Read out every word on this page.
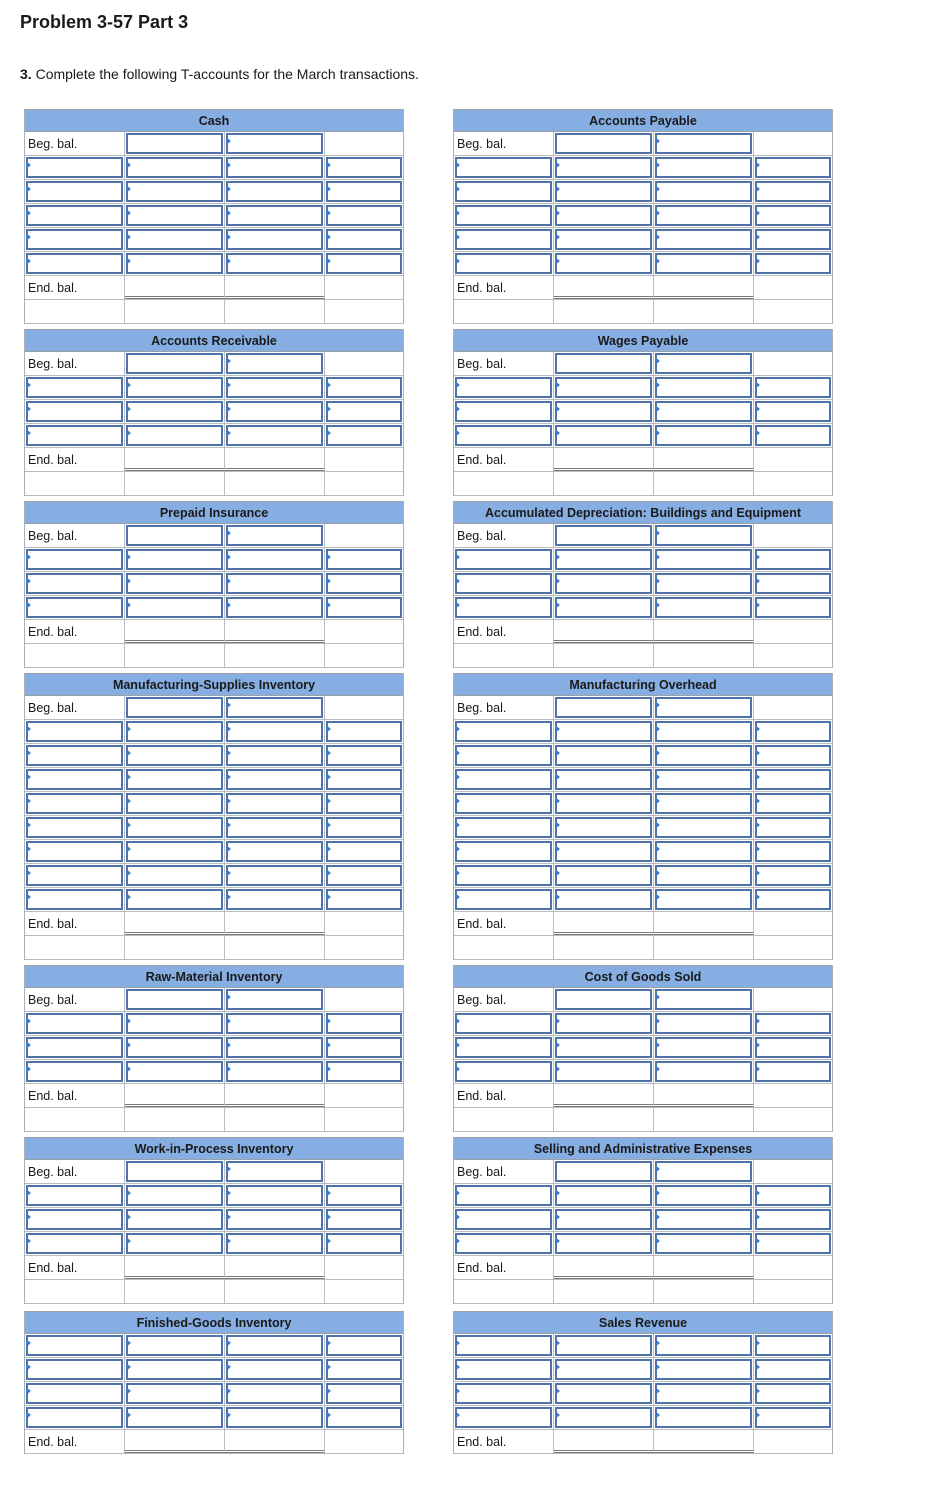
Problem 3-57 Part 3
3. Complete the following T-accounts for the March transactions.
Cash
Beg. bal.
End. bal.
Accounts Payable
Beg. bal.
End. bal.
Accounts Receivable
Beg. bal.
End. bal.
Wages Payable
Beg. bal.
End. bal.
Prepaid Insurance
Beg. bal.
End. bal.
Accumulated Depreciation: Buildings and Equipment
Beg. bal.
End. bal.
Manufacturing-Supplies Inventory
Beg. bal.
End. bal.
Manufacturing Overhead
Beg. bal.
End. bal.
Raw-Material Inventory
Beg. bal.
End. bal.
Cost of Goods Sold
Beg. bal.
End. bal.
Work-in-Process Inventory
Beg. bal.
End. bal.
Selling and Administrative Expenses
Beg. bal.
End. bal.
Finished-Goods Inventory
End. bal.
Sales Revenue
End. bal.
